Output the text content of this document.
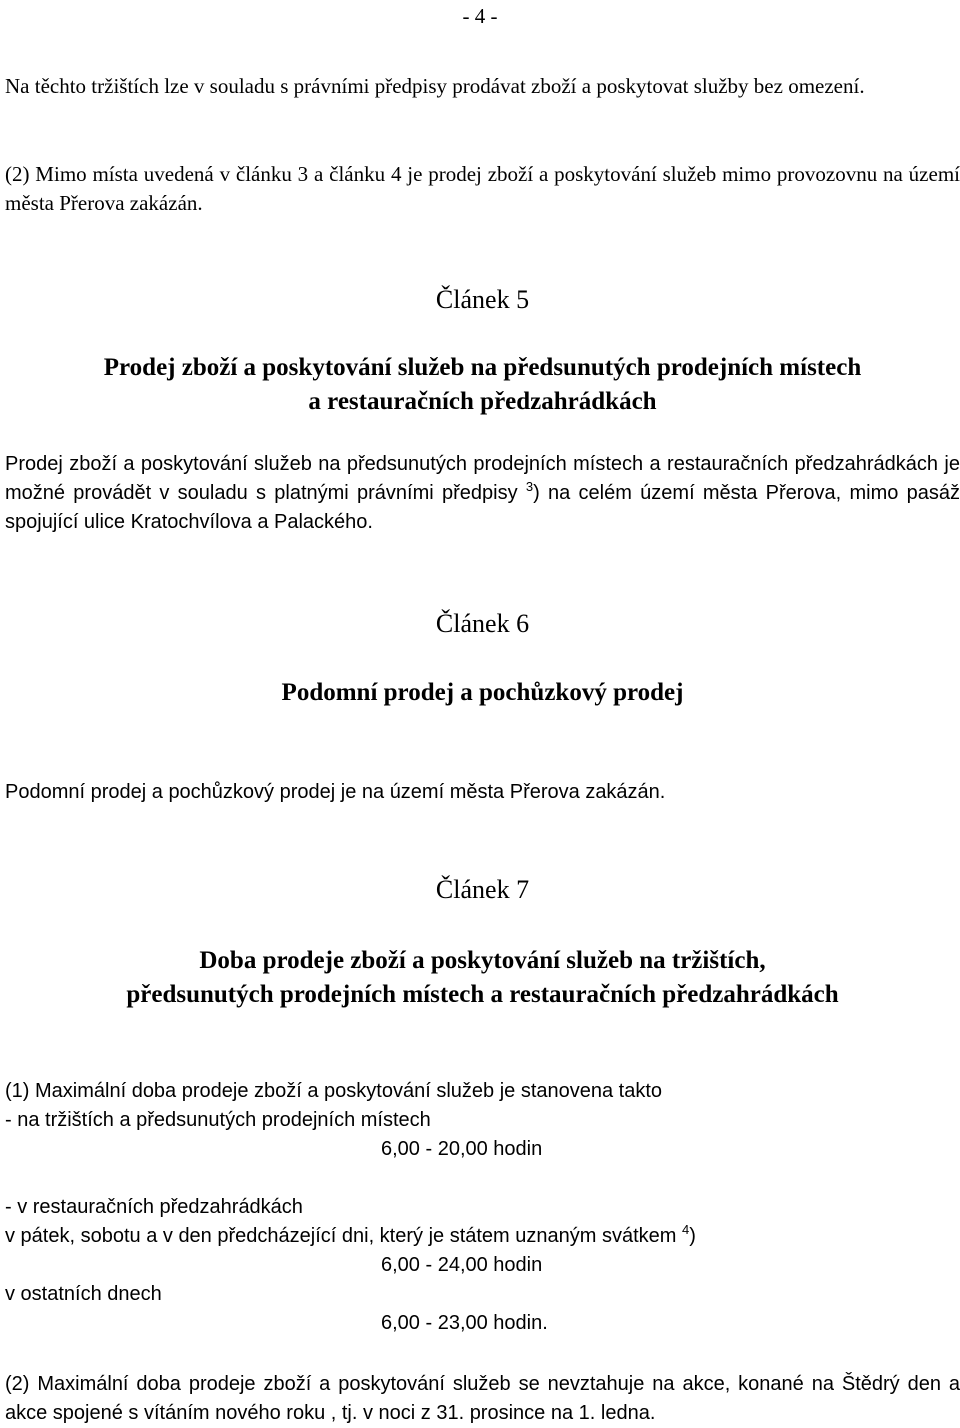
- 4 -
Na těchto tržištích lze v souladu s právními předpisy prodávat zboží a poskytovat služby bez omezení.
(2) Mimo místa uvedená v článku 3 a článku 4 je prodej zboží a poskytování služeb mimo provozovnu na území města Přerova zakázán.
Článek 5
Prodej zboží a poskytování služeb na předsunutých prodejních místech
a restauračních předzahrádkách
Prodej zboží a poskytování služeb na předsunutých prodejních místech a restauračních předzahrádkách je možné provádět v souladu s platnými právními předpisy $^3$) na celém území města Přerova, mimo pasáž spojující ulice Kratochvílova a Palackého.
Článek 6
Podomní prodej a pochůzkový prodej
Podomní prodej a pochůzkový prodej je na území města Přerova zakázán.
Článek 7
Doba prodeje zboží a poskytování služeb na tržištích,
předsunutých prodejních místech a restauračních předzahrádkách
(1) Maximální doba prodeje zboží a poskytování služeb je stanovena takto
- na tržištích a předsunutých prodejních místech
6,00 - 20,00 hodin
- v restauračních předzahrádkách
v pátek, sobotu a v den předcházející dni, který je státem uznaným svátkem $^4$)
6,00 - 24,00 hodin
v ostatních dnech
6,00 - 23,00 hodin.
(2) Maximální doba prodeje zboží a poskytování služeb se nevztahuje na akce, konané na Štědrý den a akce spojené s vítáním nového roku , tj. v noci z 31. prosince na 1. ledna.
